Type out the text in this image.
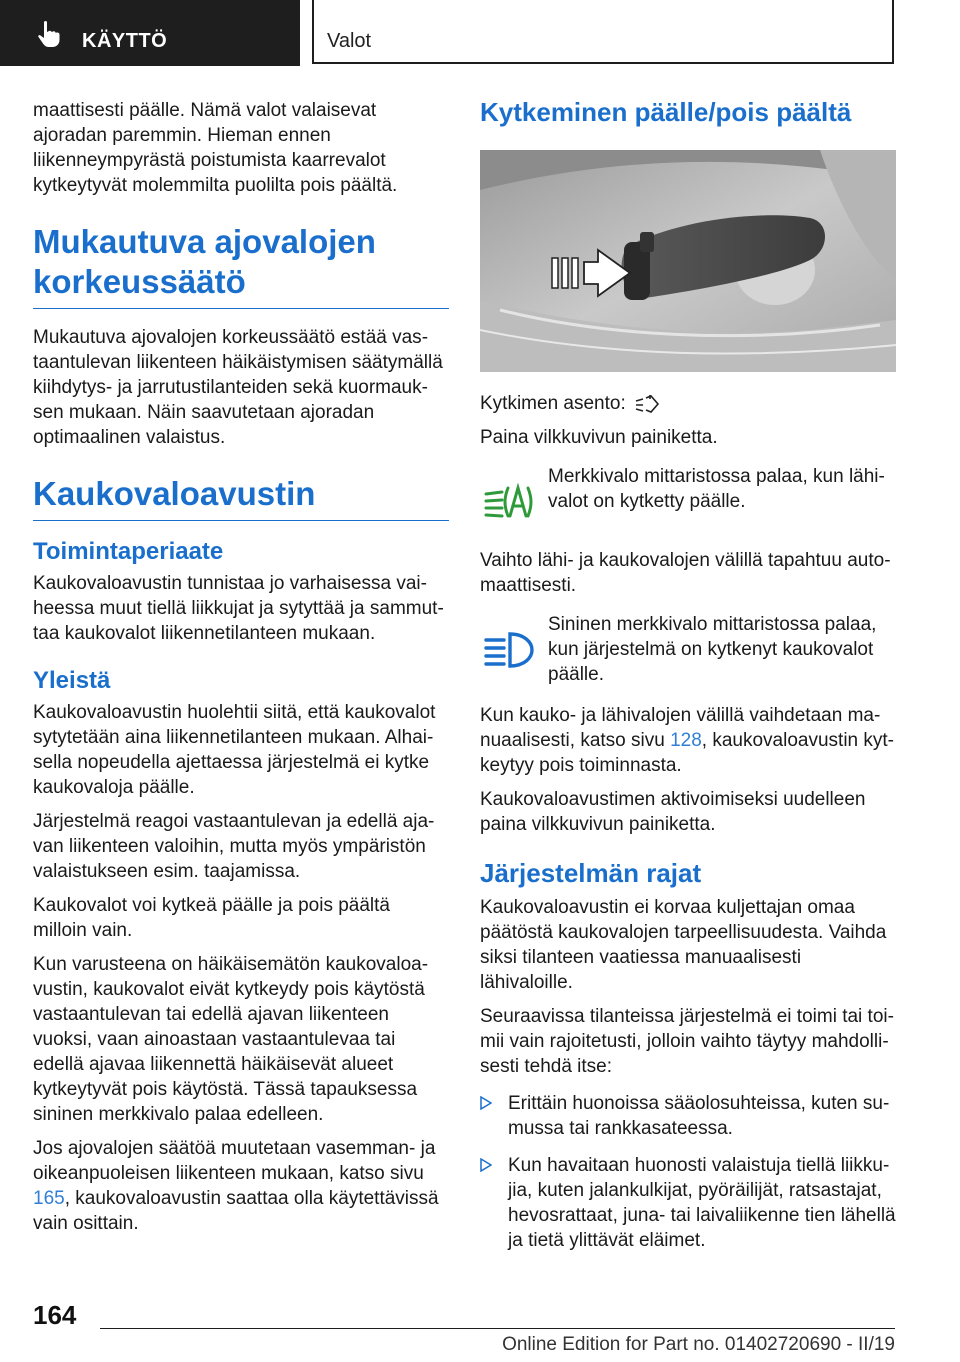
KÄYTTÖ	Valot

maattisesti päälle. Nämä valot valaisevat ajoradan paremmin. Hieman ennen liikenneympyrästä poistumista kaarrevalot kytkeytyvät molemmilta puolilta pois päältä.

Mukautuva ajovalojen korkeussäätö

Mukautuva ajovalojen korkeussäätö estää vastaantulevan liikenteen häikäistymisen säätymällä kiihdytys- ja jarrutustilanteiden sekä kuormauksen mukaan. Näin saavutetaan ajoradan optimaalinen valaistus.

Kaukovaloavustin
Toimintaperiaate

Kaukovaloavustin tunnistaa jo varhaisessa vaiheessa muut tiellä liikkujat ja sytyttää ja sammuttaa kaukovalot liikennetilanteen mukaan.

Yleistä

Kaukovaloavustin huolehtii siitä, että kaukovalot sytytetään aina liikennetilanteen mukaan. Alhaisella nopeudella ajettaessa järjestelmä ei kytke kaukovaloja päälle.

Järjestelmä reagoi vastaantulevan ja edellä ajavan liikenteen valoihin, mutta myös ympäristön valaistukseen esim. taajamissa.

Kaukovalot voi kytkeä päälle ja pois päältä milloin vain.

Kun varusteena on häikäisemätön kaukovaloavustin, kaukovalot eivät kytkeydy pois käytöstä vastaantulevan tai edellä ajavan liikenteen vuoksi, vaan ainoastaan vastaantulevaa tai edellä ajavaa liikennettä häikäisevät alueet kytkeytyvät pois käytöstä. Tässä tapauksessa sininen merkkivalo palaa edelleen.

Jos ajovalojen säätöä muutetaan vasemman- ja oikeanpuoleisen liikenteen mukaan, katso sivu 165, kaukovaloavustin saattaa olla käytettävissä vain osittain.

Kytkeminen päälle/pois päältä

Kytkimen asento:

Paina vilkkuvivun painiketta.

Merkkivalo mittaristossa palaa, kun lähivalot on kytketty päälle.

Vaihto lähi- ja kaukovalojen välillä tapahtuu automaattisesti.

Sininen merkkivalo mittaristossa palaa, kun järjestelmä on kytkenyt kaukovalot päälle.

Kun kauko- ja lähivalojen välillä vaihdetaan manuaalisesti, katso sivu 128, kaukovaloavustin kytkeytyy pois toiminnasta.

Kaukovaloavustimen aktivoimiseksi uudelleen paina vilkkuvivun painiketta.

Järjestelmän rajat

Kaukovaloavustin ei korvaa kuljettajan omaa päätöstä kaukovalojen tarpeellisuudesta. Vaihda siksi tilanteen vaatiessa manuaalisesti lähivaloille.

Seuraavissa tilanteissa järjestelmä ei toimi tai toimii vain rajoitetusti, jolloin vaihto täytyy mahdollisesti tehdä itse:

Erittäin huonoissa sääolosuhteissa, kuten sumussa tai rankkasateessa.
Kun havaitaan huonosti valaistuja tiellä liikkujia, kuten jalankulkijat, pyöräilijät, ratsastajat, hevosrattaat, juna- tai laivaliikenne tien lähellä ja tietä ylittävät eläimet.
164
Online Edition for Part no. 01402720690 - II/19
